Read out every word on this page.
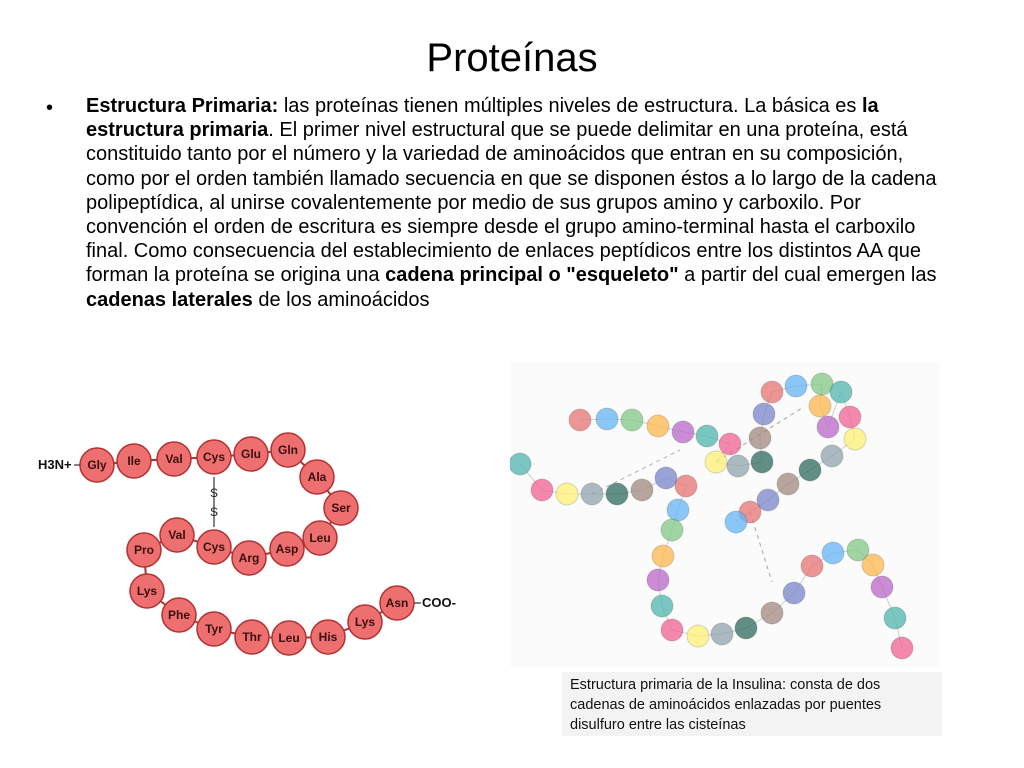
Proteínas
• Estructura Primaria: las proteínas tienen múltiples niveles de estructura. La básica es la estructura primaria. El primer nivel estructural que se puede delimitar en una proteína, está constituido tanto por el número y la variedad de aminoácidos que entran en su composición, como por el orden también llamado secuencia en que se disponen éstos a lo largo de la cadena polipeptídica, al unirse covalentemente por medio de sus grupos amino y carboxilo. Por convención el orden de escritura es siempre desde el grupo amino-terminal hasta el carboxilo final. Como consecuencia del establecimiento de enlaces peptídicos entre los distintos AA que forman la proteína se origina una cadena principal o "esqueleto" a partir del cual emergen las cadenas laterales de los aminoácidos
S
S
Gly Ile Val Cys Glu Gln
Ala
Ser
Leu
Asp
Arg
Cys
Val
Pro
Lys
Phe
Tyr
Thr Leu His
Lys
Asn
H3N+
COO-
Estructura primaria de la Insulina: consta de dos cadenas de aminoácidos enlazadas por puentes disulfuro entre las cisteínas
